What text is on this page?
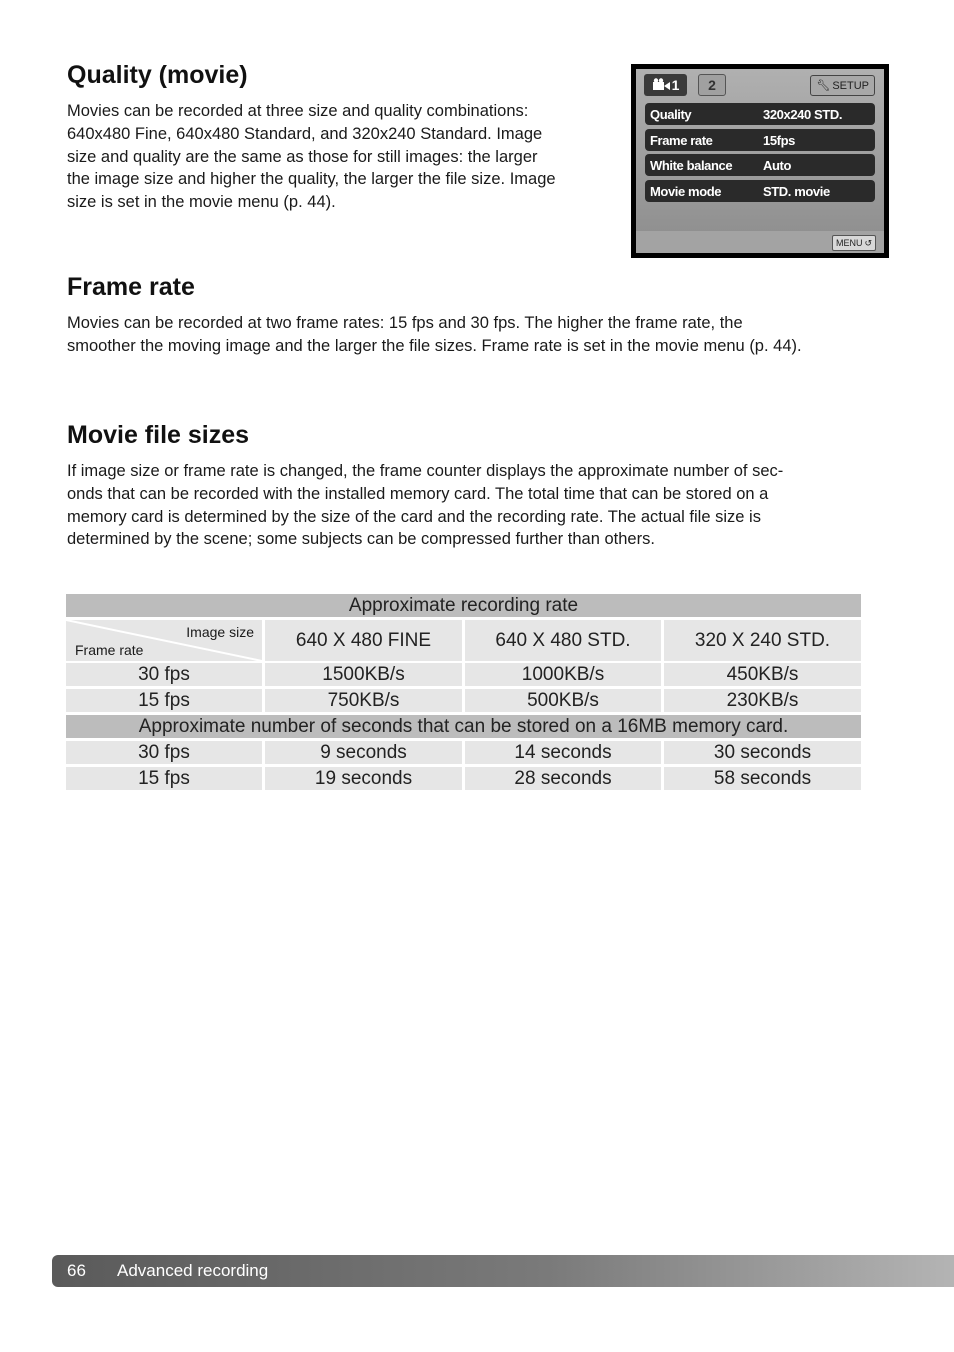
Quality (movie)

Movies can be recorded at three size and quality combinations:
640x480 Fine, 640x480 Standard, and 320x240 Standard. Image
size and quality are the same as those for still images: the larger
the image size and higher the quality, the larger the file size. Image
size is set in the movie menu (p. 44).

1	2	🔧︎ SETUP
Quality	320x240 STD.
Frame rate	15fps
White balance	Auto
Movie mode	STD. movie
MENU ↺
Frame rate

Movies can be recorded at two frame rates: 15 fps and 30 fps. The higher the frame rate, the
smoother the moving image and the larger the file sizes. Frame rate is set in the movie menu (p. 44).

Movie file sizes

If image size or frame rate is changed, the frame counter displays the approximate number of sec-
onds that can be recorded with the installed memory card. The total time that can be stored on a
memory card is determined by the size of the card and the recording rate. The actual file size is
determined by the scene; some subjects can be compressed further than others.

Approximate recording rate
Image size
Frame rate	640 X 480 FINE	640 X 480 STD.	320 X 240 STD.
30 fps	1500KB/s	1000KB/s	450KB/s
15 fps	750KB/s	500KB/s	230KB/s
Approximate number of seconds that can be stored on a 16MB memory card.
30 fps	9 seconds	14 seconds	30 seconds
15 fps	19 seconds	28 seconds	58 seconds
66	Advanced recording
